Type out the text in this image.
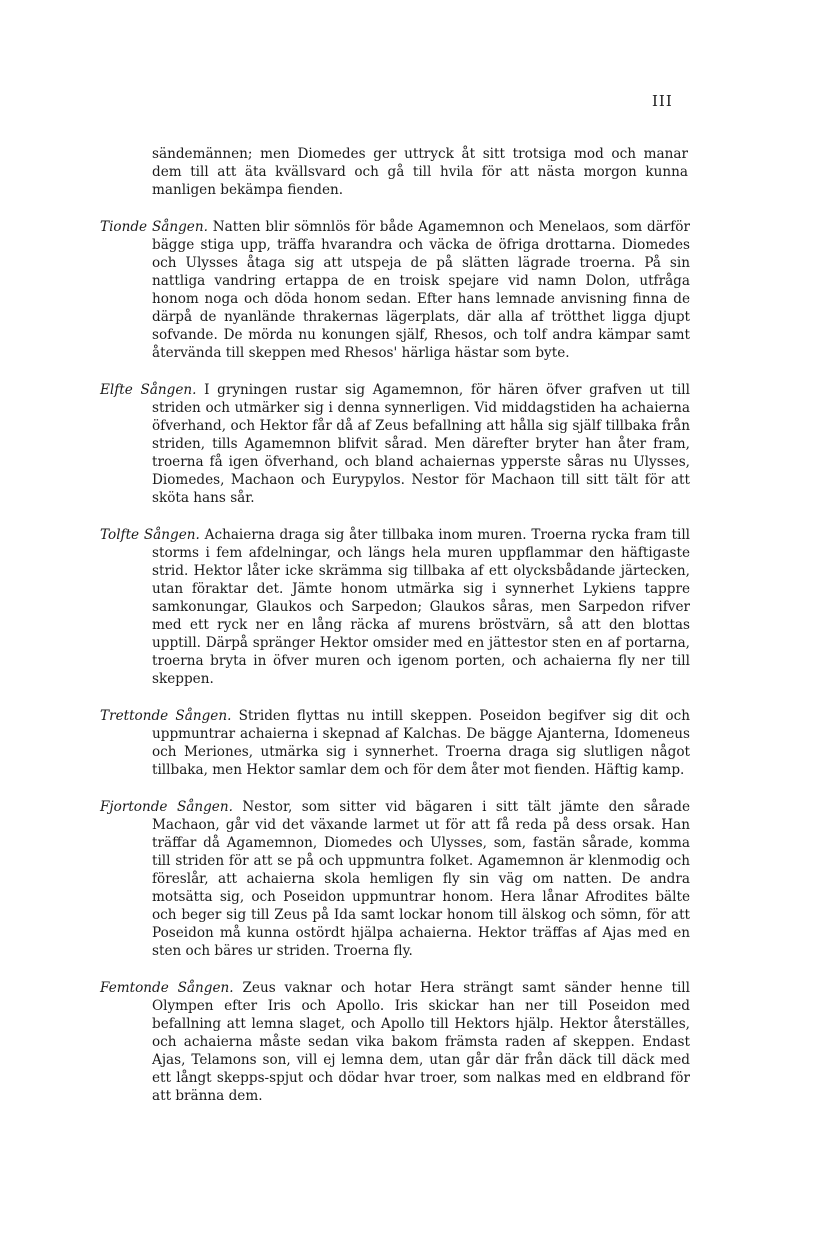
III

sändemännen; men Diomedes ger uttryck åt sitt trotsiga mod och manar dem till att äta kvällsvard och gå till hvila för att nästa morgon kunna manligen bekämpa fienden.

Tionde Sången. Natten blir sömnlös för både Agamemnon och Menelaos, som därför bägge stiga upp, träffa hvarandra och väcka de öfriga drottarna. Diomedes och Ulysses åtaga sig att utspeja de på slätten lägrade troerna. På sin nattliga vandring ertappa de en troisk spejare vid namn Dolon, utfråga honom noga och döda honom sedan. Efter hans lemnade anvisning finna de därpå de nyanlände thrakernas lägerplats, där alla af trötthet ligga djupt sofvande. De mörda nu konungen själf, Rhesos, och tolf andra kämpar samt återvända till skeppen med Rhesos' härliga hästar som byte.

Elfte Sången. I gryningen rustar sig Agamemnon, för hären öfver grafven ut till striden och utmärker sig i denna synnerligen. Vid middagstiden ha achaierna öfverhand, och Hektor får då af Zeus befallning att hålla sig själf tillbaka från striden, tills Agamemnon blifvit sårad. Men därefter bryter han åter fram, troerna få igen öfverhand, och bland achaiernas ypperste såras nu Ulysses, Diomedes, Machaon och Eurypylos. Nestor för Machaon till sitt tält för att sköta hans sår.

Tolfte Sången. Achaierna draga sig åter tillbaka inom muren. Troerna rycka fram till storms i fem afdelningar, och längs hela muren uppflammar den häftigaste strid. Hektor låter icke skrämma sig tillbaka af ett olycksbådande järtecken, utan föraktar det. Jämte honom utmärka sig i synnerhet Lykiens tappre samkonungar, Glaukos och Sarpedon; Glaukos såras, men Sarpedon rifver med ett ryck ner en lång räcka af murens bröstvärn, så att den blottas upptill. Därpå spränger Hektor omsider med en jättestor sten en af portarna, troerna bryta in öfver muren och igenom porten, och achaierna fly ner till skeppen.

Trettonde Sången. Striden flyttas nu intill skeppen. Poseidon begifver sig dit och uppmuntrar achaierna i skepnad af Kalchas. De bägge Ajanterna, Idomeneus och Meriones, utmärka sig i synnerhet. Troerna draga sig slutligen något tillbaka, men Hektor samlar dem och för dem åter mot fienden. Häftig kamp.

Fjortonde Sången. Nestor, som sitter vid bägaren i sitt tält jämte den sårade Machaon, går vid det växande larmet ut för att få reda på dess orsak. Han träffar då Agamemnon, Diomedes och Ulysses, som, fastän sårade, komma till striden för att se på och uppmuntra folket. Agamemnon är klenmodig och föreslår, att achaierna skola hemligen fly sin väg om natten. De andra motsätta sig, och Poseidon uppmuntrar honom. Hera lånar Afrodites bälte och beger sig till Zeus på Ida samt lockar honom till älskog och sömn, för att Poseidon må kunna ostördt hjälpa achaierna. Hektor träffas af Ajas med en sten och bäres ur striden. Troerna fly.

Femtonde Sången. Zeus vaknar och hotar Hera strängt samt sänder henne till Olympen efter Iris och Apollo. Iris skickar han ner till Poseidon med befallning att lemna slaget, och Apollo till Hektors hjälp. Hektor återställes, och achaierna måste sedan vika bakom främsta raden af skeppen. Endast Ajas, Telamons son, vill ej lemna dem, utan går där från däck till däck med ett långt skepps-spjut och dödar hvar troer, som nalkas med en eldbrand för att bränna dem.
